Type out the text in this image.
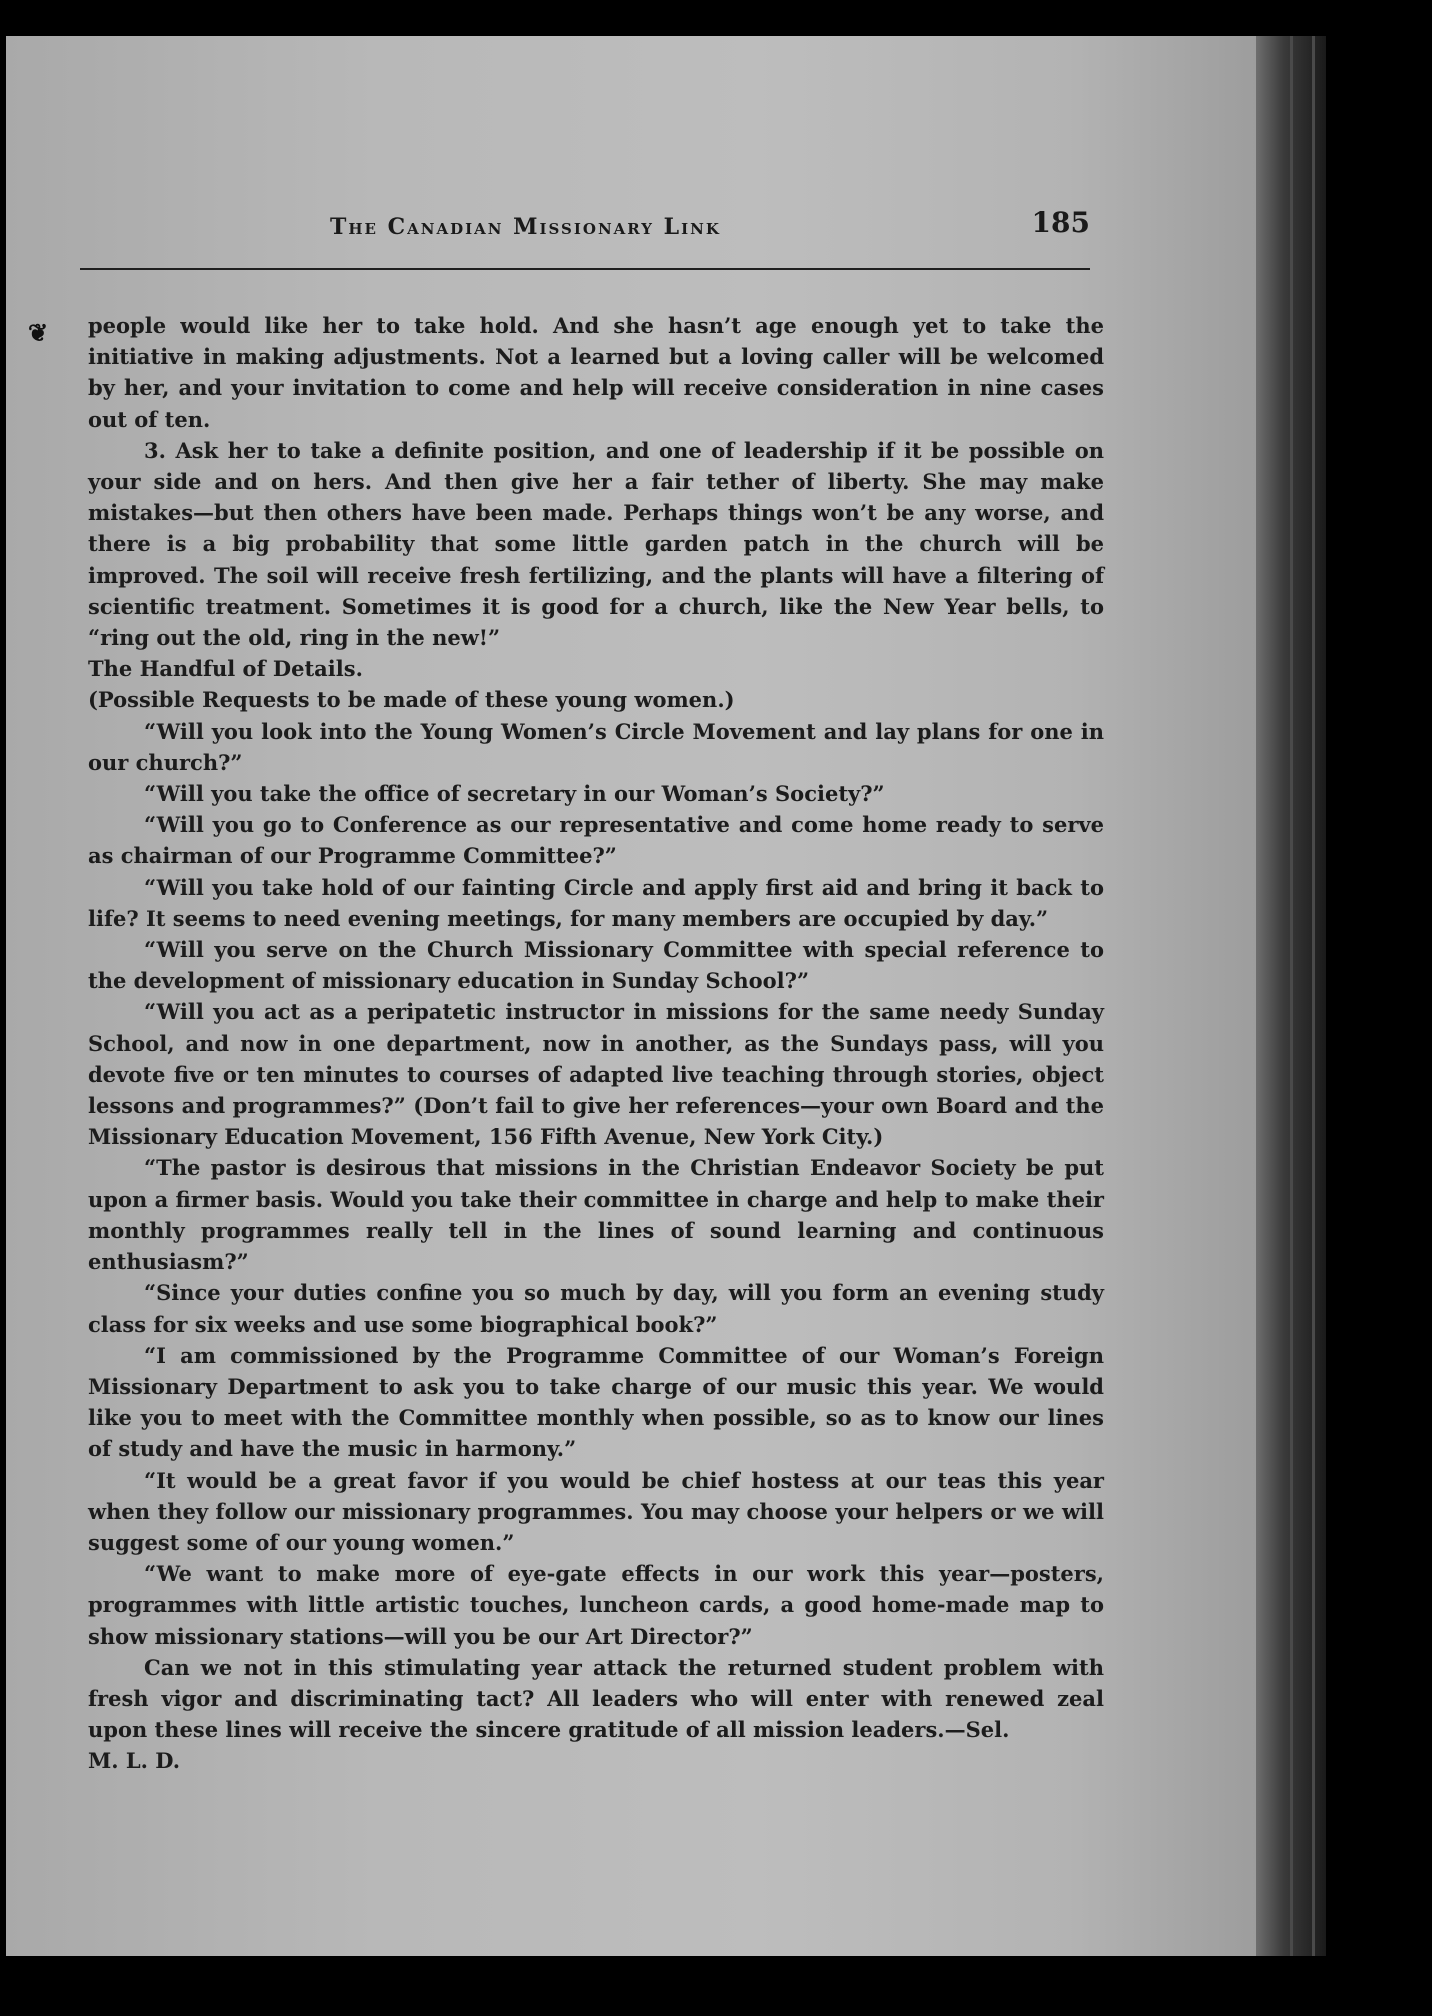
❦
The Canadian Missionary Link	185

people would like her to take hold. And she hasn’t age enough yet to take the initiative in making adjustments. Not a learned but a loving caller will be welcomed by her, and your invitation to come and help will receive consideration in nine cases out of ten.

3. Ask her to take a definite position, and one of leadership if it be possible on your side and on hers. And then give her a fair tether of liberty. She may make mistakes—but then others have been made. Perhaps things won’t be any worse, and there is a big probability that some little garden patch in the church will be improved. The soil will receive fresh fertilizing, and the plants will have a filtering of scientific treatment. Sometimes it is good for a church, like the New Year bells, to “ring out the old, ring in the new!”

The Handful of Details.

(Possible Requests to be made of these young women.)

“Will you look into the Young Women’s Circle Movement and lay plans for one in our church?”

“Will you take the office of secretary in our Woman’s Society?”

“Will you go to Conference as our representative and come home ready to serve as chairman of our Programme Committee?”

“Will you take hold of our fainting Circle and apply first aid and bring it back to life? It seems to need evening meetings, for many members are occupied by day.”

“Will you serve on the Church Missionary Committee with special reference to the development of missionary education in Sunday School?”

“Will you act as a peripatetic instructor in missions for the same needy Sunday School, and now in one department, now in another, as the Sundays pass, will you devote five or ten minutes to courses of adapted live teaching through stories, object lessons and programmes?” (Don’t fail to give her references—your own Board and the Missionary Education Movement, 156 Fifth Avenue, New York City.)

“The pastor is desirous that missions in the Christian Endeavor Society be put upon a firmer basis. Would you take their committee in charge and help to make their monthly programmes really tell in the lines of sound learning and continuous enthusiasm?”

“Since your duties confine you so much by day, will you form an evening study class for six weeks and use some biographical book?”

“I am commissioned by the Programme Committee of our Woman’s Foreign Missionary Department to ask you to take charge of our music this year. We would like you to meet with the Committee monthly when possible, so as to know our lines of study and have the music in harmony.”

“It would be a great favor if you would be chief hostess at our teas this year when they follow our missionary programmes. You may choose your helpers or we will suggest some of our young women.”

“We want to make more of eye-gate effects in our work this year—posters, programmes with little artistic touches, luncheon cards, a good home-made map to show missionary stations—will you be our Art Director?”

Can we not in this stimulating year attack the returned student problem with fresh vigor and discriminating tact? All leaders who will enter with renewed zeal upon these lines will receive the sincere gratitude of all mission leaders.—Sel.

M. L. D.
